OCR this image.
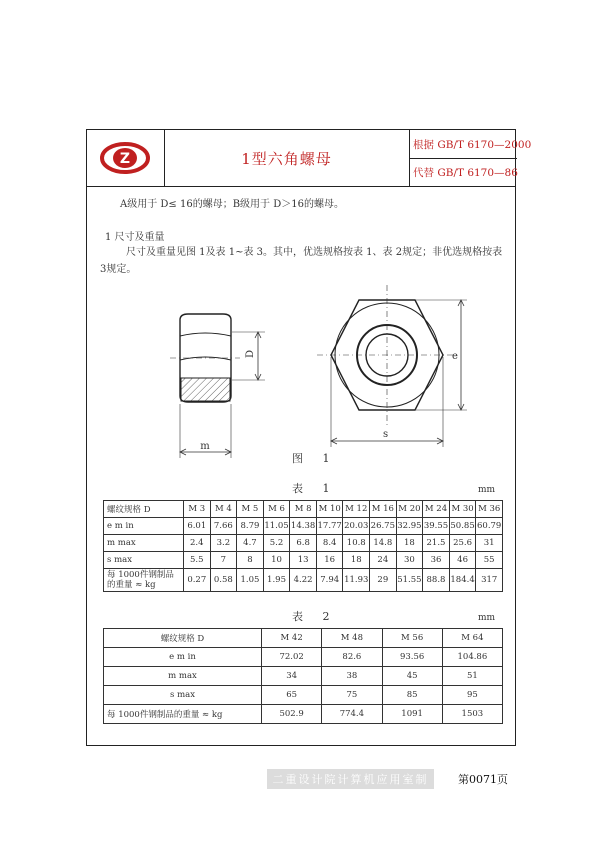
Z	1型六角螺母
根据 GB/T 6170—2000
代替 GB/T 6170—86
A级用于 D≤ 16的螺母；B级用于 D＞16的螺母。
1 尺寸及重量
尺寸及重量见图 1及表 1~表 3。其中，优选规格按表 1、表 2规定；非优选规格按表 3规定。
D
m
e
s
图 1
表 1	mm
螺纹规格 D	M 3	M 4	M 5	M 6	M 8	M 10	M 12	M 16	M 20	M 24	M 30	M 36
e m in	6.01	7.66	8.79	11.05	14.38	17.77	20.03	26.75	32.95	39.55	50.85	60.79
m max	2.4	3.2	4.7	5.2	6.8	8.4	10.8	14.8	18	21.5	25.6	31
s max	5.5	7	8	10	13	16	18	24	30	36	46	55

每 1000件钢制品
的重量 ≈ kg	0.27	0.58	1.05	1.95	4.22	7.94	11.93	29	51.55	88.8	184.4	317
表 2	mm
螺纹规格 D	M 42	M 48	M 56	M 64
e m in	72.02	82.6	93.56	104.86
m max	34	38	45	51
s max	65	75	85	95
每 1000件钢制品的重量 ≈ kg	502.9	774.4	1091	1503
二重设计院计算机应用室制	第0071页
